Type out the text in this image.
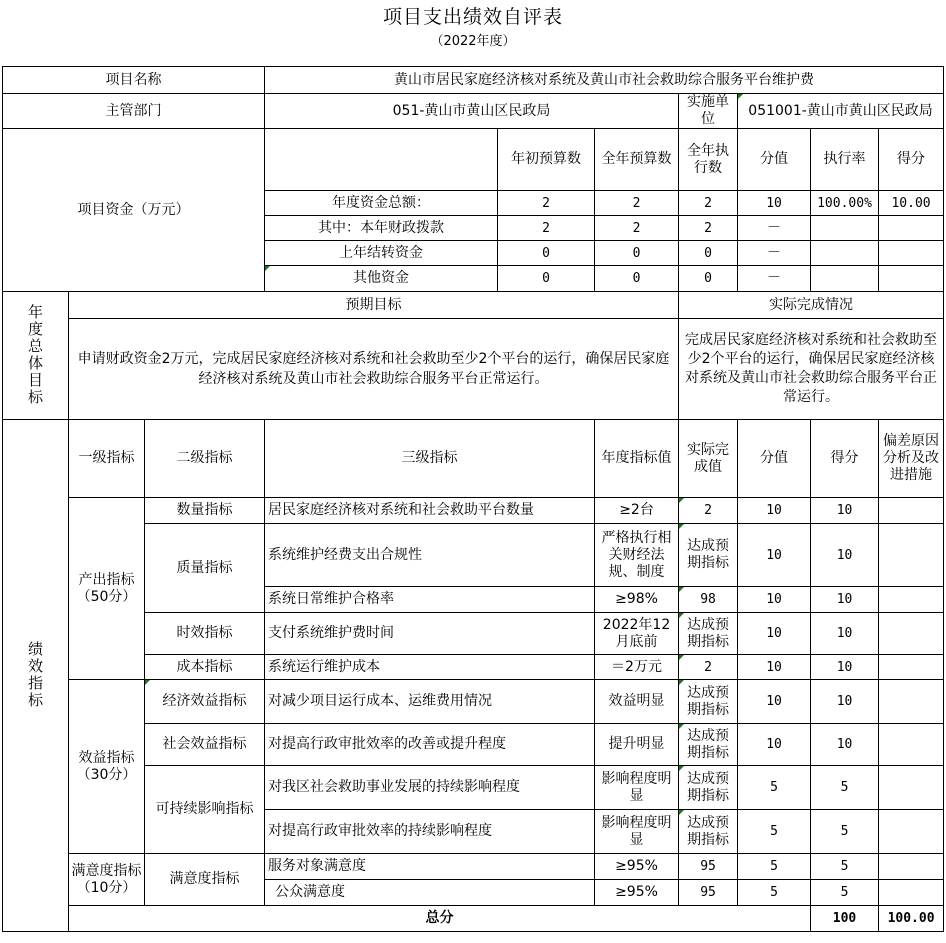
项目支出绩效自评表
（2022年度）
项目名称			黄山市居民家庭经济核对系统及黄山市社会救助综合服务平台维护费							
主管部门			051-黄山市黄山区民政局			实施单位	051001-黄山市黄山区民政局			
项目资金（万元）				年初预算数	全年预算数	全年执行数	分值	执行率	得分	
			年度资金总额：	2	2	2	10	100.00%	10.00	
			其中：本年财政拨款	2	2	2	－			
			上年结转资金	0	0	0	－			
			其他资金	0	0	0	－			
年度总体目标	预期目标					实际完成情况				
	申请财政资金2万元，完成居民家庭经济核对系统和社会救助至少2个平台的运行，确保居民家庭经济核对系统及黄山市社会救助综合服务平台正常运行。					完成居民家庭经济核对系统和社会救助至少2个平台的运行，确保居民家庭经济核对系统及黄山市社会救助综合服务平台正常运行。				
绩效指标	一级指标	二级指标	三级指标		年度指标值	实际完成值	分值	得分	偏差原因分析及改进措施	
	产出指标（50分）	数量指标	居民家庭经济核对系统和社会救助平台数量		≥2台	2	10	10		
		质量指标	系统维护经费支出合规性		严格执行相关财经法规、制度	达成预期指标	10	10		
			系统日常维护合格率		≥98%	98	10	10		
		时效指标	支付系统维护费时间		2022年12月底前	达成预期指标	10	10		
		成本指标	系统运行维护成本		＝2万元	2	10	10		
	效益指标（30分）	经济效益指标	对减少项目运行成本、运维费用情况		效益明显	达成预期指标	10	10		
		社会效益指标	对提高行政审批效率的改善或提升程度		提升明显	达成预期指标	10	10		
		可持续影响指标	对我区社会救助事业发展的持续影响程度		影响程度明显	达成预期指标	5	5		
			对提高行政审批效率的持续影响程度		影响程度明显	达成预期指标	5	5		
	满意度指标（10分）	满意度指标	服务对象满意度		≥95%	95	5	5		
			公众满意度		≥95%	95	5	5		
	总分							100	100.00	
